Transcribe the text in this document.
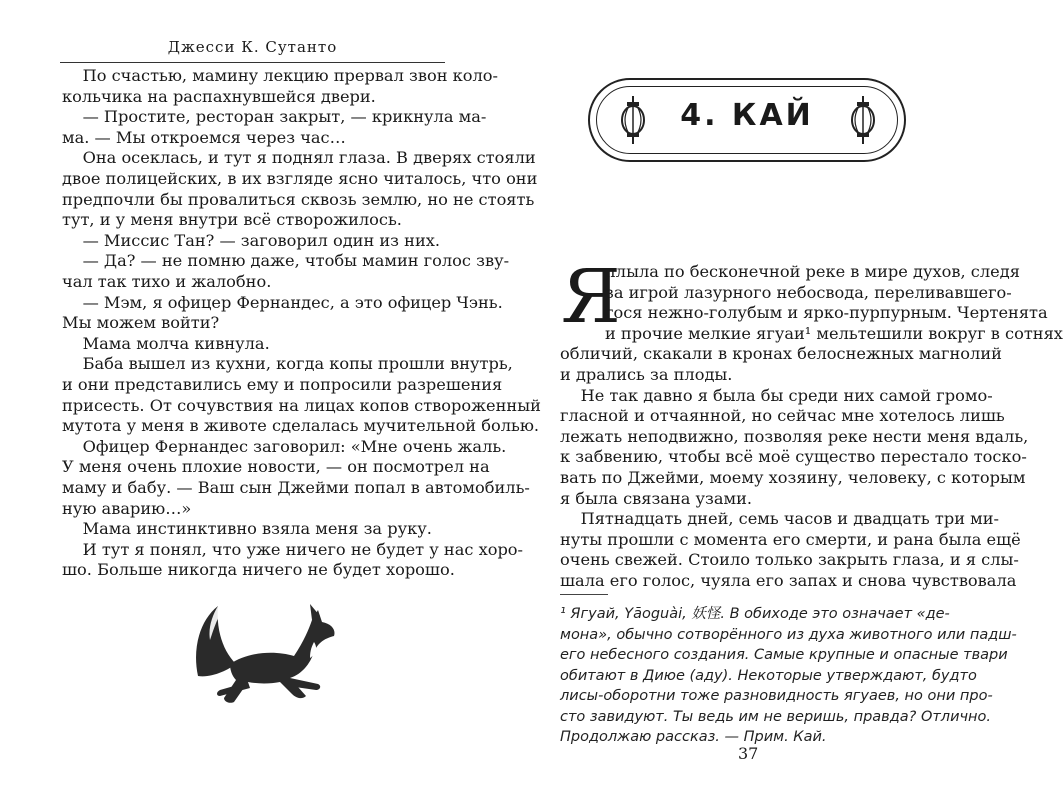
Джесси К. Сутанто
По счастью, мамину лекцию прервал звон коло-
кольчика на распахнувшейся двери.
— Простите, ресторан закрыт, — крикнула ма-
ма. — Мы откроемся через час…
Она осеклась, и тут я поднял глаза. В дверях стояли
двое полицейских, в их взгляде ясно читалось, что они
предпочли бы провалиться сквозь землю, но не стоять
тут, и у меня внутри всё створожилось.
— Миссис Тан? — заговорил один из них.
— Да? — не помню даже, чтобы мамин голос зву-
чал так тихо и жалобно.
— Мэм, я офицер Фернандес, а это офицер Чэнь.
Мы можем войти?
Мама молча кивнула.
Баба вышел из кухни, когда копы прошли внутрь,
и они представились ему и попросили разрешения
присесть. От сочувствия на лицах копов створоженный
мутота у меня в животе сделалась мучительной болью.
Офицер Фернандес заговорил: «Мне очень жаль.
У меня очень плохие новости, — он посмотрел на
маму и бабу. — Ваш сын Джейми попал в автомобиль-
ную аварию…»
Мама инстинктивно взяла меня за руку.
И тут я понял, что уже ничего не будет у нас хоро-
шо. Больше никогда ничего не будет хорошо.
4. КАЙ
Я
плыла по бесконечной реке в мире духов, следя
за игрой лазурного небосвода, переливавшего-
гося нежно-голубым и ярко-пурпурным. Чертенята
и прочие мелкие ягуаи¹ мельтешили вокруг в сотнях
обличий, скакали в кронах белоснежных магнолий
и дрались за плоды.
Не так давно я была бы среди них самой громо-
гласной и отчаянной, но сейчас мне хотелось лишь
лежать неподвижно, позволяя реке нести меня вдаль,
к забвению, чтобы всё моё существо перестало тоско-
вать по Джейми, моему хозяину, человеку, с которым
я была связана узами.
Пятнадцать дней, семь часов и двадцать три ми-
нуты прошли с момента его смерти, и рана была ещё
очень свежей. Стоило только закрыть глаза, и я слы-
шала его голос, чуяла его запах и снова чувствовала
¹ Ягуай, Yāoguài, 妖怪. В обиходе это означает «де-
мона», обычно сотворённого из духа животного или падш-
его небесного создания. Самые крупные и опасные твари
обитают в Диюе (аду). Некоторые утверждают, будто
лисы-оборотни тоже разновидность ягуаев, но они про-
сто завидуют. Ты ведь им не веришь, правда? Отлично.
Продолжаю рассказ. — Прим. Кай.
37
